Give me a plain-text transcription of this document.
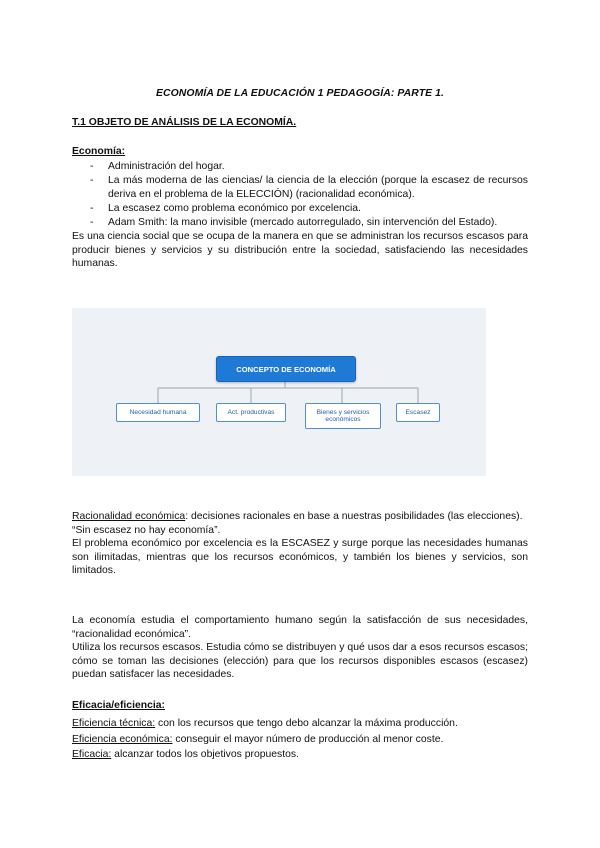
ECONOMÍA DE LA EDUCACIÓN 1 PEDAGOGÍA: PARTE 1.
T.1 OBJETO DE ANÁLISIS DE LA ECONOMÍA.
Economía:
- Administración del hogar.
- La más moderna de las ciencias/ la ciencia de la elección (porque la escasez de recursos deriva en el problema de la ELECCIÓN) (racionalidad económica).
- La escasez como problema económico por excelencia.
- Adam Smith: la mano invisible (mercado autorregulado, sin intervención del Estado).

Es una ciencia social que se ocupa de la manera en que se administran los recursos escasos para producir bienes y servicios y su distribución entre la sociedad, satisfaciendo las necesidades humanas.

Racionalidad económica: decisiones racionales en base a nuestras posibilidades (las elecciones).

“Sin escasez no hay economía”.

El problema económico por excelencia es la ESCASEZ y surge porque las necesidades humanas son ilimitadas, mientras que los recursos económicos, y también los bienes y servicios, son limitados.

La economía estudia el comportamiento humano según la satisfacción de sus necesidades, “racionalidad económica”.

Utiliza los recursos escasos. Estudia cómo se distribuyen y qué usos dar a esos recursos escasos; cómo se toman las decisiones (elección) para que los recursos disponibles escasos (escasez) puedan satisfacer las necesidades.

Eficacia/eficiencia:

Eficiencia técnica: con los recursos que tengo debo alcanzar la máxima producción.

Eficiencia económica: conseguir el mayor número de producción al menor coste.

Eficacia: alcanzar todos los objetivos propuestos.

CONCEPTO DE ECONOMÍA
Necesidad humana	Act. productivas	Bienes y servicios económicos
Escasez
